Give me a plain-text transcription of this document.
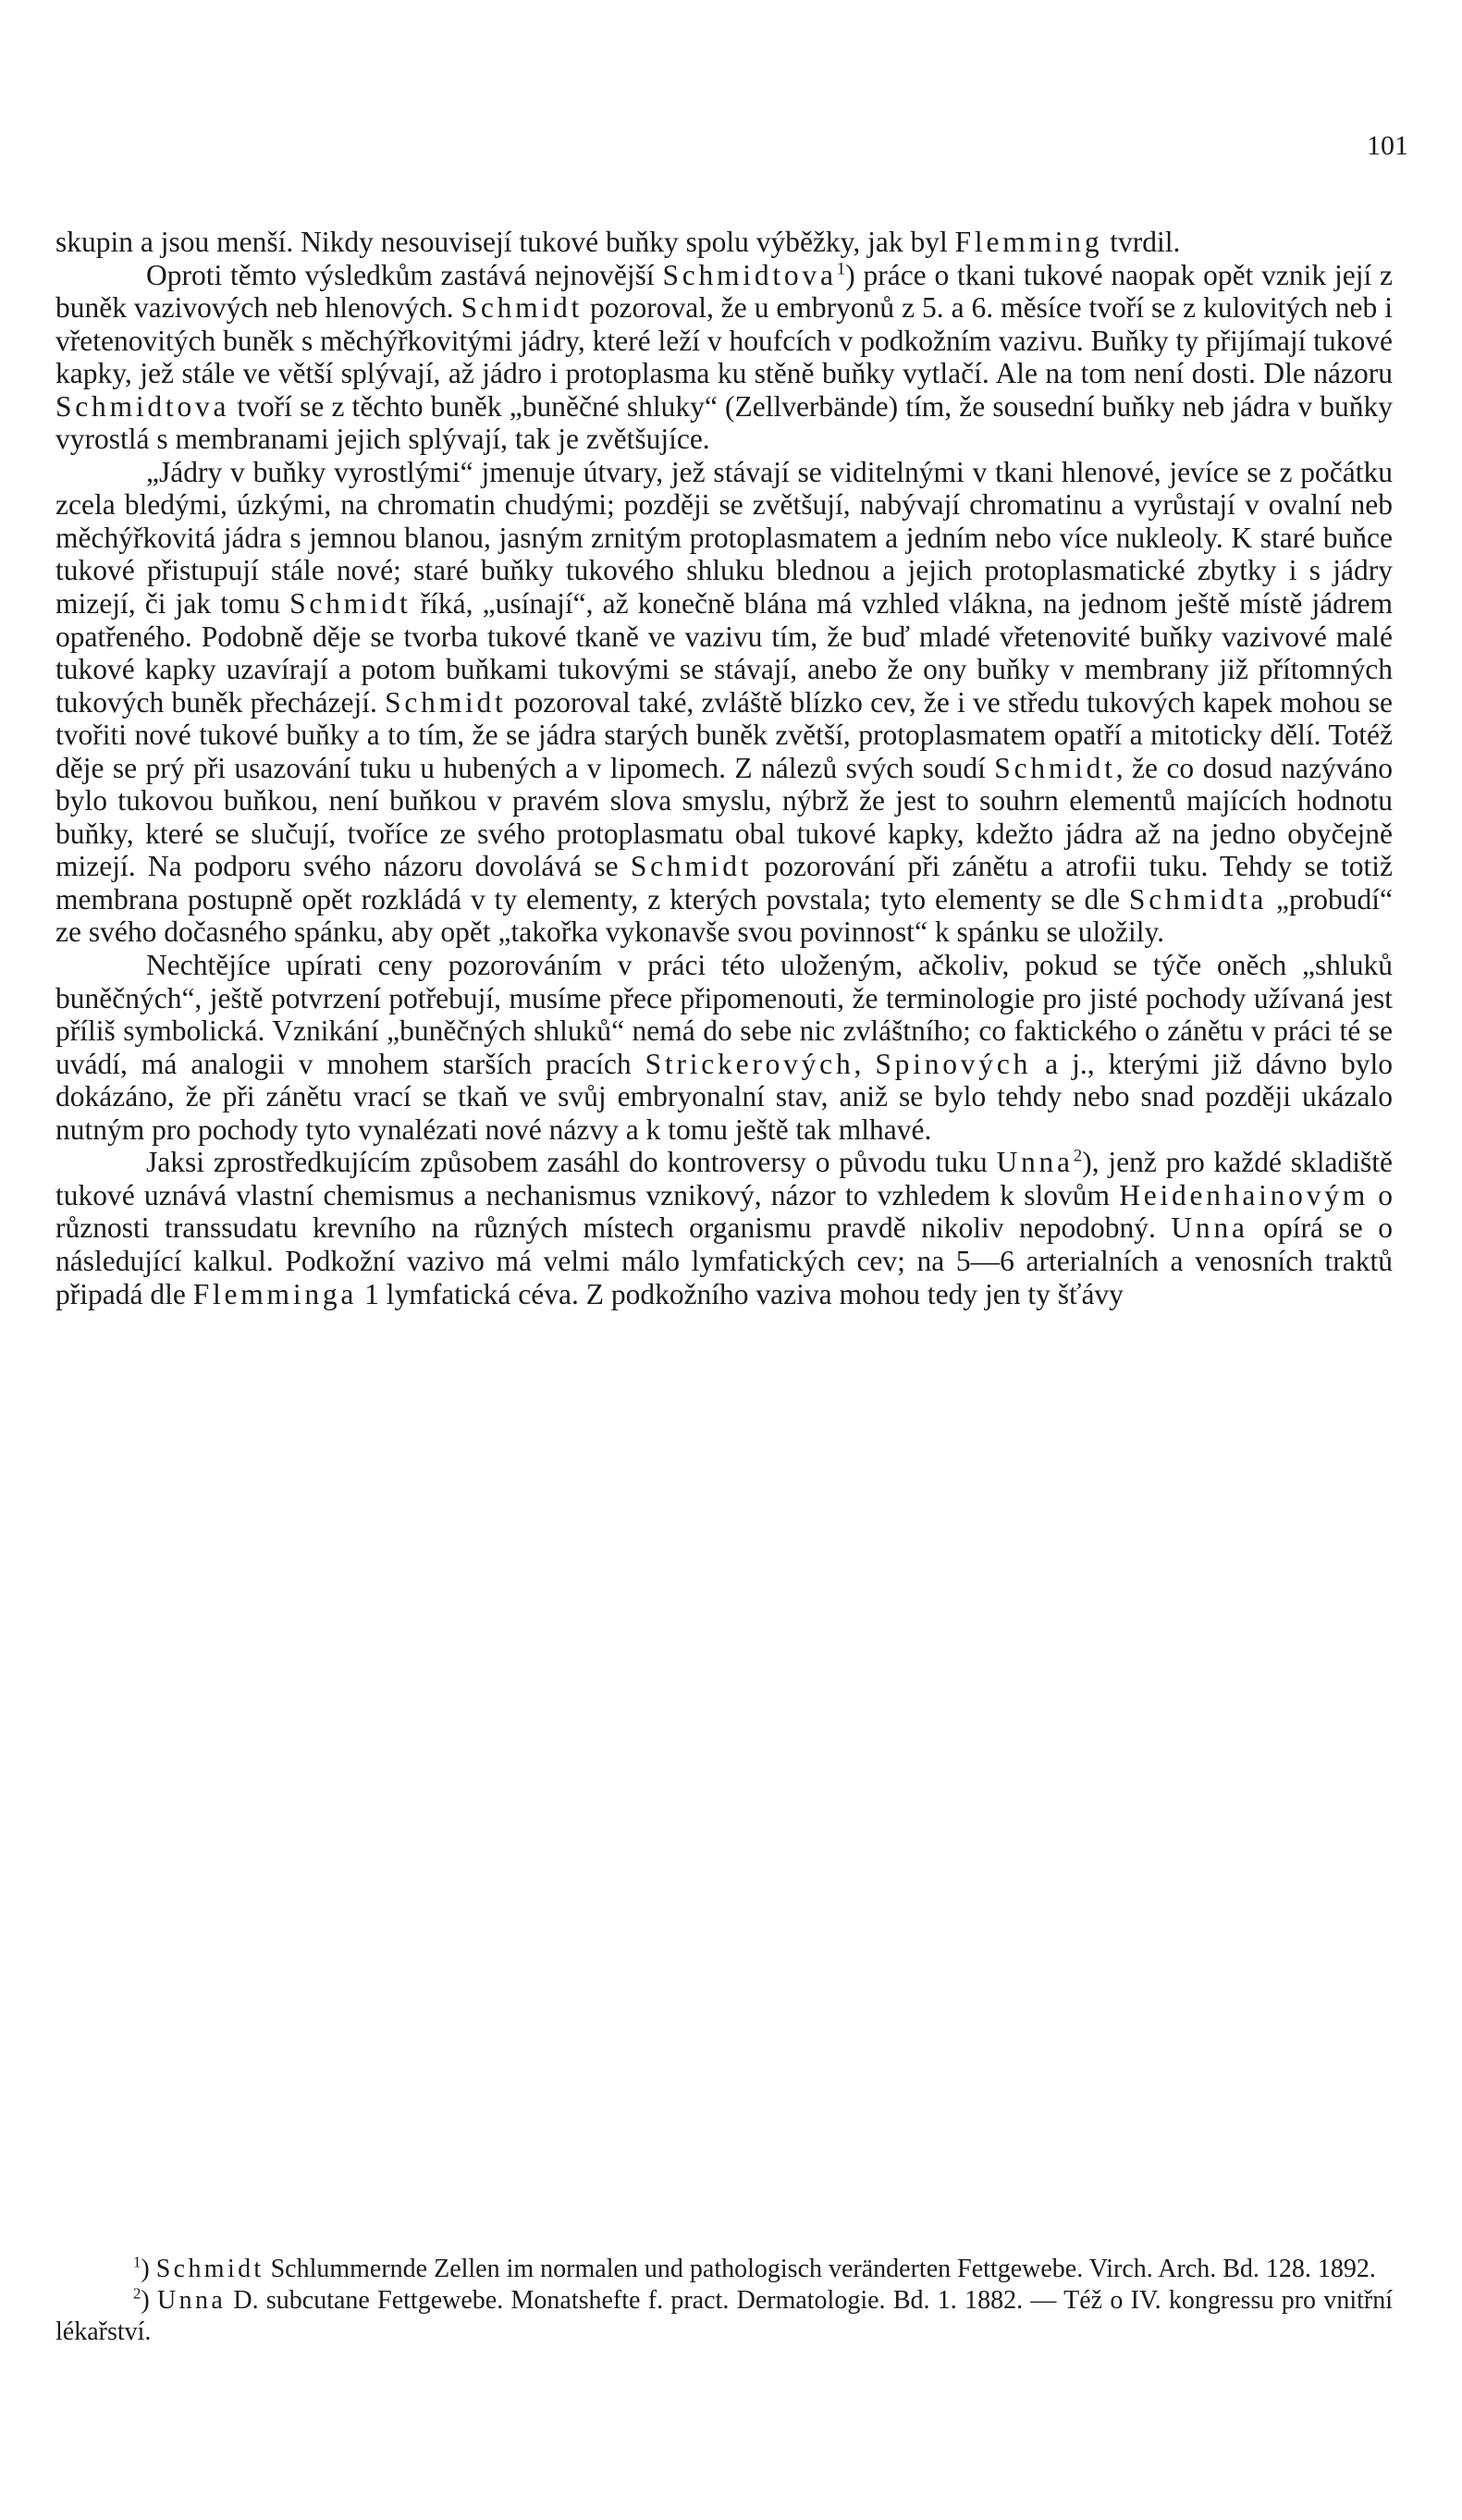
101

skupin a jsou menší. Nikdy nesouvisejí tukové buňky spolu výběžky, jak byl Flemming tvrdil.

Oproti těmto výsledkům zastává nejnovější Schmidtova$^1$) práce o tkani tukové naopak opět vznik její z buněk vazivových neb hlenových. Schmidt pozoroval, že u embryonů z 5. a 6. měsíce tvoří se z kulovitých neb i vřetenovitých buněk s měchýřkovitými jádry, které leží v houfcích v podkožním vazivu. Buňky ty přijímají tukové kapky, jež stále ve větší splývají, až jádro i protoplasma ku stěně buňky vytlačí. Ale na tom není dosti. Dle názoru Schmidtova tvoří se z těchto buněk „buněčné shluky“ (Zellverbände) tím, že sousední buňky neb jádra v buňky vyrostlá s membranami jejich splývají, tak je zvětšujíce.

„Jádry v buňky vyrostlými“ jmenuje útvary, jež stávají se viditelnými v tkani hlenové, jevíce se z počátku zcela bledými, úzkými, na chromatin chudými; později se zvětšují, nabývají chromatinu a vyrůstají v ovalní neb měchýřkovitá jádra s jemnou blanou, jasným zrnitým protoplasmatem a jedním nebo více nukleoly. K staré buňce tukové přistupují stále nové; staré buňky tukového shluku blednou a jejich protoplasmatické zbytky i s jádry mizejí, či jak tomu Schmidt říká, „usínají“, až konečně blána má vzhled vlákna, na jednom ještě místě jádrem opatřeného. Podobně děje se tvorba tukové tkaně ve vazivu tím, že buď mladé vřetenovité buňky vazivové malé tukové kapky uzavírají a potom buňkami tukovými se stávají, anebo že ony buňky v membrany již přítomných tukových buněk přecházejí. Schmidt pozoroval také, zvláště blízko cev, že i ve středu tukových kapek mohou se tvořiti nové tukové buňky a to tím, že se jádra starých buněk zvětší, protoplasmatem opatří a mitoticky dělí. Totéž děje se prý při usazování tuku u hubených a v lipomech. Z nálezů svých soudí Schmidt, že co dosud nazýváno bylo tukovou buňkou, není buňkou v pravém slova smyslu, nýbrž že jest to souhrn elementů majících hodnotu buňky, které se slučují, tvoříce ze svého protoplasmatu obal tukové kapky, kdežto jádra až na jedno obyčejně mizejí. Na podporu svého názoru dovolává se Schmidt pozorování při zánětu a atrofii tuku. Tehdy se totiž membrana postupně opět rozkládá v ty elementy, z kterých povstala; tyto elementy se dle Schmidta „probudí“ ze svého dočasného spánku, aby opět „takořka vykonavše svou povinnost“ k spánku se uložily.

Nechtějíce upírati ceny pozorováním v práci této uloženým, ačkoliv, pokud se týče oněch „shluků buněčných“, ještě potvrzení potřebují, musíme přece připomenouti, že terminologie pro jisté pochody užívaná jest příliš symbolická. Vznikání „buněčných shluků“ nemá do sebe nic zvláštního; co faktického o zánětu v práci té se uvádí, má analogii v mnohem starších pracích Strickerových, Spinových a j., kterými již dávno bylo dokázáno, že při zánětu vrací se tkaň ve svůj embryonalní stav, aniž se bylo tehdy nebo snad později ukázalo nutným pro pochody tyto vynalézati nové názvy a k tomu ještě tak mlhavé.

Jaksi zprostředkujícím způsobem zasáhl do kontroversy o původu tuku Unna$^2$), jenž pro každé skladiště tukové uznává vlastní chemismus a nechanismus vznikový, názor to vzhledem k slovům Heidenhainovým o různosti transsudatu krevního na různých místech organismu pravdě nikoliv nepodobný. Unna opírá se o následující kalkul. Podkožní vazivo má velmi málo lymfatických cev; na 5—6 arterialních a venosních traktů připadá dle Flemminga 1 lymfatická céva. Z podkožního vaziva mohou tedy jen ty šťávy

$^1$) Schmidt Schlummernde Zellen im normalen und pathologisch veränderten Fettgewebe. Virch. Arch. Bd. 128. 1892.

$^2$) Unna D. subcutane Fettgewebe. Monatshefte f. pract. Dermatologie. Bd. 1. 1882. — Též o IV. kongressu pro vnitřní lékařství.
